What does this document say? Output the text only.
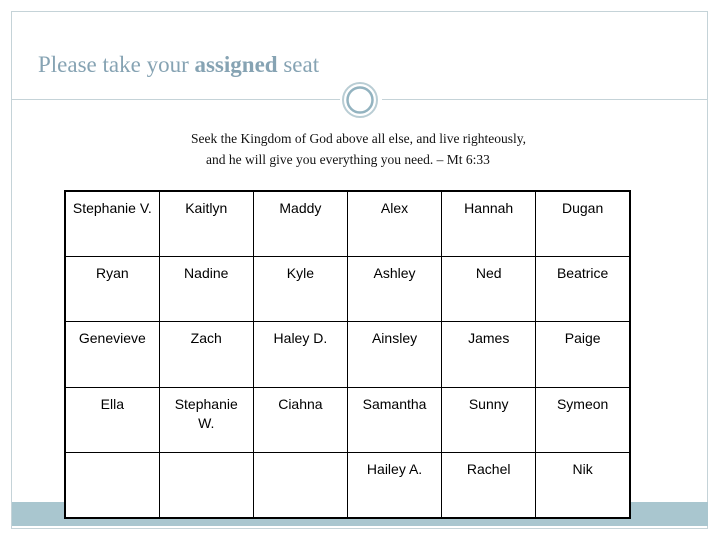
Please take your assigned seat
Seek the Kingdom of God above all else, and live righteously,
and he will give you everything you need. – Mt 6:33
Stephanie V.	Kaitlyn	Maddy	Alex	Hannah	Dugan
Ryan	Nadine	Kyle	Ashley	Ned	Beatrice
Genevieve	Zach	Haley D.	Ainsley	James	Paige
Ella	Stephanie W.	Ciahna	Samantha	Sunny	Symeon
			Hailey A.	Rachel	Nik
